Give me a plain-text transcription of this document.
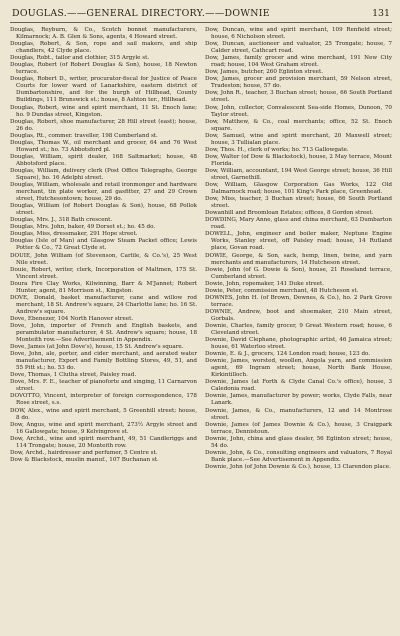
DOUGLAS.——GENERAL DIRECTORY.——DOWNIE	131

Douglas, Reyburn, & Co., Scotch bonnet manufacturers, Kilmarnock; A. B. Glen & Sons, agents, 4 Howard street.

Douglas, Robert, & Son, rope and sail makers, and ship chandlers, 42 Clyde place.

Douglas, Robt., tailor and clothier, 315 Argyle st.

Douglas, Robert (of Robert Douglas & Son), house, 18 Newton terrace.

Douglas, Robert D., writer, procurator-fiscal for Justice of Peace Courts for lower ward of Lanarkshire, eastern district of Dumbartonshire, and for the burgh of Hillhead, County Buildings, 111 Brunswick st.; house, 8 Ashton ter., Hillhead.

Douglas, Robert, wine and spirit merchant, 11 St. Enoch lane; ho. 9 Dundas street, Kingston.

Douglas, Robert, shoe manufacturer, 28 Hill street (east); house, 26 do.

Douglas, Rt., commer. traveller, 198 Cumberland st.

Douglas, Thomas W., oil merchant and grocer, 64 and 76 West Howard st.; ho. 73 Abbotsford pl.

Douglas, William, spirit dealer, 168 Saltmarket; house, 48 Abbotsford place.

Douglas, William, delivery clerk (Post Office Telegraphs, George Square), ho. 16 Adelphi street.

Douglas, William, wholesale and retail ironmonger and hardware merchant, tin plate worker, and gasfitter, 27 and 29 Crown street, Hutchesontown; house, 29 do.

Douglas, William (of Robert Douglas & Son), house, 68 Pollok street.

Douglas, Mrs. J., 318 Bath crescent.

Douglas, Mrs. John, baker, 49 Dorset st.; ho. 45 do.

Douglas, Miss, dressmaker, 291 Hope street.

Douglas (Isle of Man) and Glasgow Steam Packet office; Lewis Potter & Co., 72 Great Clyde st.

DOUIE, John William (of Stevenson, Carlile, & Co.'s), 25 West Nile street.

Douie, Robert, writer, clerk, Incorporation of Maltmen, 175 St. Vincent street.

Doura Fire Clay Works, Kilwinning, Barr & M'Jannet; Robert Hunter, agent, 81 Morrison st., Kingston.

DOVE, Donald, basket manufacturer, cane and willow rod merchant, 18 St. Andrew's square, 24 Charlotte lane; ho. 16 St. Andrew's square.

Dove, Ebenezer, 104 North Hanover street.

Dove, John, importer of French and English baskets, and perambulator manufacturer, 4 St. Andrew's square; house, 18 Monteith row.—See Advertisement in Appendix.

Dove, James (at John Dove's), house, 15 St. Andrew's square.

Dove, John, ale, porter, and cider merchant, and aerated water manufacturer, Export and Family Bottling Stores, 49, 51, and 55 Pitt st.; ho. 53 do.

Dove, Thomas, 1 Clutha street, Paisley road.

Dove, Mrs. F. E., teacher of pianoforte and singing, 11 Carnarvon street.

DOVOTTO, Vincent, interpreter of foreign correspondence, 178 Rose street, s.s.

DOW, Alex., wine and spirit merchant, 5 Greenhill street; house, 8 do.

Dow, Angus, wine and spirit merchant, 273½ Argyle street and 16 Gallowgate; house, 9 Kelvingrove st.

Dow, Archd., wine and spirit merchant, 49, 51 Candleriggs and 114 Trongate; house, 20 Monteith row.

Dow, Archd., hairdresser and perfumer, 5 Centre st.

Dow & Blackstock, muslin manuf., 107 Buchanan st.

Dow, Duncan, wine and spirit merchant, 109 Renfield street; house, 6 Nicholson street.

Dow, Duncan, auctioneer and valuator, 25 Trongate; house, 7 Calder street, Cathcart road.

Dow, James, family grocer and wine merchant, 191 New City road; house, 104 West Graham street.

Dow, James, butcher, 260 Eglinton street.

Dow, James, grocer and provision merchant, 59 Nelson street, Tradeston; house, 57 do.

Dow, John R., teacher, 3 Buchan street; house, 66 South Portland street.

Dow, John, collector, Convalescent Sea-side Homes, Dunoon, 70 Taylor street.

Dow, Matthew, & Co., coal merchants; office, 52 St. Enoch square.

Dow, Samuel, wine and spirit merchant, 20 Maxwell street; house, 3 Tullialan place.

Dow, Thos. H., clerk of works; ho. 713 Gallowgate.

Dow, Walter (of Dow & Blackstock), house, 2 May terrace, Mount Florida.

Dow, William, accountant, 194 West George street; house, 36 Hill street, Garnethill.

Dow, William, Glasgow Corporation Gas Works, 122 Old Dalmarnock road; house, 101 King's Park place, Greenhead.

Dow, Miss, teacher, 3 Buchan street; house, 66 South Portland street.

Dowanhill and Broomloan Estates; offices, 8 Gordon street.

DOWDING, Mary Anne, glass and china merchant, 63 Dumbarton road.

DOWELL, John, engineer and boiler maker, Neptune Engine Works, Stanley street, off Paisley road; house, 14 Rutland place, Govan road.

DOWIE, George, & Son, sack, hemp, linen, twine, and yarn merchants and manufacturers, 14 Hutcheson street.

Dowie, John (of G. Dowie & Son), house, 21 Roseland terrace, Cumberland street.

Dowie, John, ropemaker, 141 Duke street.

Dowie, Peter, commission merchant, 48 Hutcheson st.

DOWNES, John H. (of Brown, Downes, & Co.), ho. 2 Park Grove terrace.

DOWNIE, Andrew, boot and shoemaker, 210 Main street, Gorbals.

Downie, Charles, family grocer, 9 Great Western road; house, 6 Cleveland street.

Downie, David Clephane, photographic artist, 46 Jamaica street; house, 61 Waterloo street.

Downie, E. & J., grocers, 124 London road; house, 123 do.

Downie, James, worsted, woollen, Angola yarn, and commission agent, 69 Ingram street; house, North Bank House, Kirkintilloch.

Downie, James (at Forth & Clyde Canal Co.'s office), house, 3 Caledonia road.

Downie, James, manufacturer by power; works, Clyde Falls, near Lanark.

Downie, James, & Co., manufacturers, 12 and 14 Montrose street.

Downie, James (of James Downie & Co.), house, 3 Craigpark terrace, Dennistoun.

Downie, John, china and glass dealer, 56 Eglinton street; house, 54 do.

Downie, John, & Co., consulting engineers and valuators, 7 Royal Bank place.—See Advertisement in Appendix.

Downie, John (of John Downie & Co.), house, 13 Clarendon place.
